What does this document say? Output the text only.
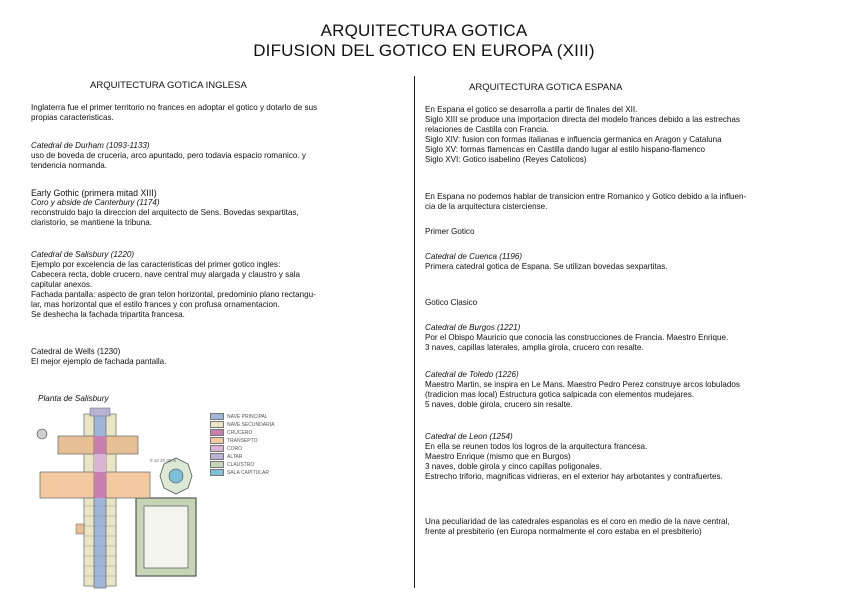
ARQUITECTURA GOTICA
DIFUSION DEL GOTICO EN EUROPA (XIII)
ARQUITECTURA GOTICA INGLESA
Inglaterra fue el primer territorio no frances en adoptar el gotico y dotarlo de sus
propias caracteristicas.
Catedral de Durham (1093-1133)
uso de boveda de cruceria, arco apuntado, pero todavia espacio romanico. y
tendencia normanda.
Early Gothic (primera mitad XIII)
Coro y abside de Canterbury (1174)
reconstruido bajo la direccion del arquitecto de Sens. Bovedas sexpartitas,
claristorio, se mantiene la tribuna.
Catedral de Salisbury (1220)
Ejemplo por excelencia de las caracteristicas del primer gotico ingles:
Cabecera recta, doble crucero, nave central muy alargada y claustro y sala
capitular anexos.
Fachada pantalla: aspecto de gran telon horizontal, predominio plano rectangu-
lar, mas horizontal que el estilo frances y con profusa ornamentacion.
Se deshecha la fachada tripartita francesa.
Catedral de Wells (1230)
El mejor ejemplo de fachada pantalla.
Planta de Salisbury
0 10 20 30 m
NAVE PRINCIPAL
NAVE SECUNDARIA
CRUCERO
TRANSEPTO
CORO
ALTAR
CLAUSTRO
SALA CAPITULAR
ARQUITECTURA GOTICA ESPANA
En Espana el gotico se desarrolla a partir de finales del XII.
Siglo XIII se produce una importacion directa del modelo frances debido a las estrechas
relaciones de Castilla con Francia.
Siglo XIV: fusion con formas italianas e influencia germanica en Aragon y Cataluna
Siglo XV: formas flamencas en Castilla dando lugar al estilo hispano-flamenco
Siglo XVI: Gotico isabelino (Reyes Catolicos)
En Espana no podemos hablar de transicion entre Romanico y Gotico debido a la influen-
cia de la arquitectura cisterciense.
Primer Gotico
Catedral de Cuenca (1196)
Primera catedral gotica de Espana. Se utilizan bovedas sexpartitas.
Gotico Clasico
Catedral de Burgos (1221)
Por el Obispo Mauricio que conocia las construcciones de Francia. Maestro Enrique.
3 naves, capillas laterales, amplia girola, crucero con resalte.
Catedral de Toledo (1226)
Maestro Martin, se inspira en Le Mans. Maestro Pedro Perez construye arcos lobulados
(tradicion mas local) Estructura gotica salpicada con elementos mudejares.
5 naves, doble girola, crucero sin resalte.
Catedral de Leon (1254)
En ella se reunen todos los logros de la arquitectura francesa.
Maestro Enrique (mismo que en Burgos)
3 naves, doble girola y cinco capillas poligonales.
Estrecho triforio, magnificas vidrieras, en el exterior hay arbotantes y contrafuertes.
Una peculiaridad de las catedrales espanolas es el coro en medio de la nave central,
frente al presbiterio (en Europa normalmente el coro estaba en el presbiterio)
